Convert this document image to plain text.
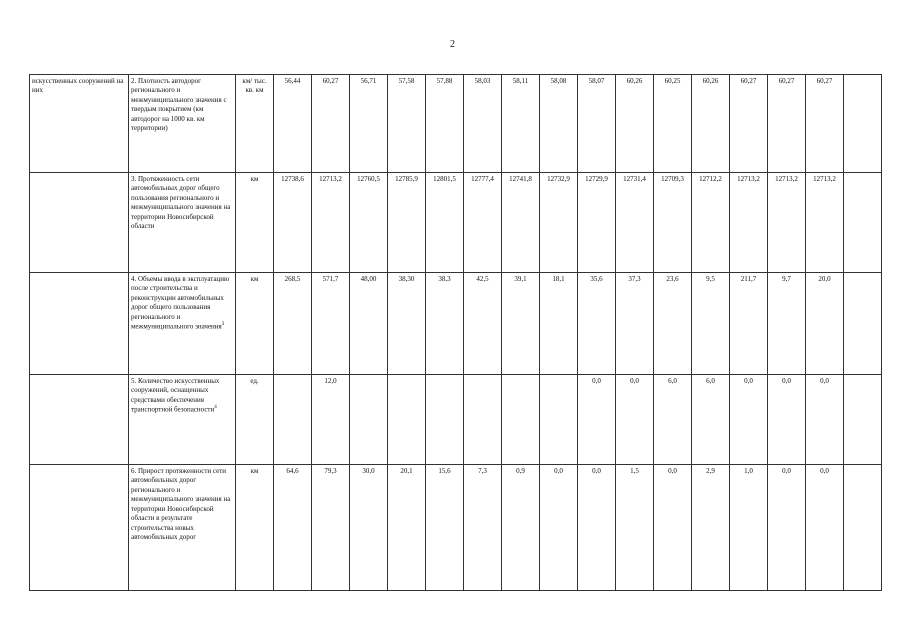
2
искусственных сооружений на них	2. Плотность автодорог регионального и межмуниципального значения с твердым покрытием (км автодорог на 1000 кв. км территории)	км/ тыс. кв. км	56,44	60,27	56,71	57,58	57,88	58,03	58,11	58,08	58,07	60,26	60,25	60,26	60,27	60,27	60,27	
	3. Протяженность сети автомобильных дорог общего пользования регионального и межмуниципального значения на территории Новосибирской области	км	12738,6	12713,2	12760,5	12785,9	12801,5	12777,4	12741,8	12732,9	12729,9	12731,4	12709,3	12712,2	12713,2	12713,2	12713,2	
	4. Объемы ввода в эксплуатацию после строительства и реконструкции автомобильных дорог общего пользования регионального и межмуниципального значения$^3$	км	268,5	571,7	48,00	38,30	38,3	42,5	39,1	18,1	35,6	37,3	23,6	9,5	211,7	9,7	20,0	
	5. Количество искусственных сооружений, оснащенных средствами обеспечения транспортной безопасности$^4$	ед.		12,0							0,0	0,0	6,0	6,0	0,0	0,0	0,0	
	6. Прирост протяженности сети автомобильных дорог регионального и межмуниципального значения на территории Новосибирской области в результате строительства новых автомобильных дорог	км	64,6	79,3	30,0	20,1	15,6	7,3	0,9	0,0	0,0	1,5	0,0	2,9	1,0	0,0	0,0	
